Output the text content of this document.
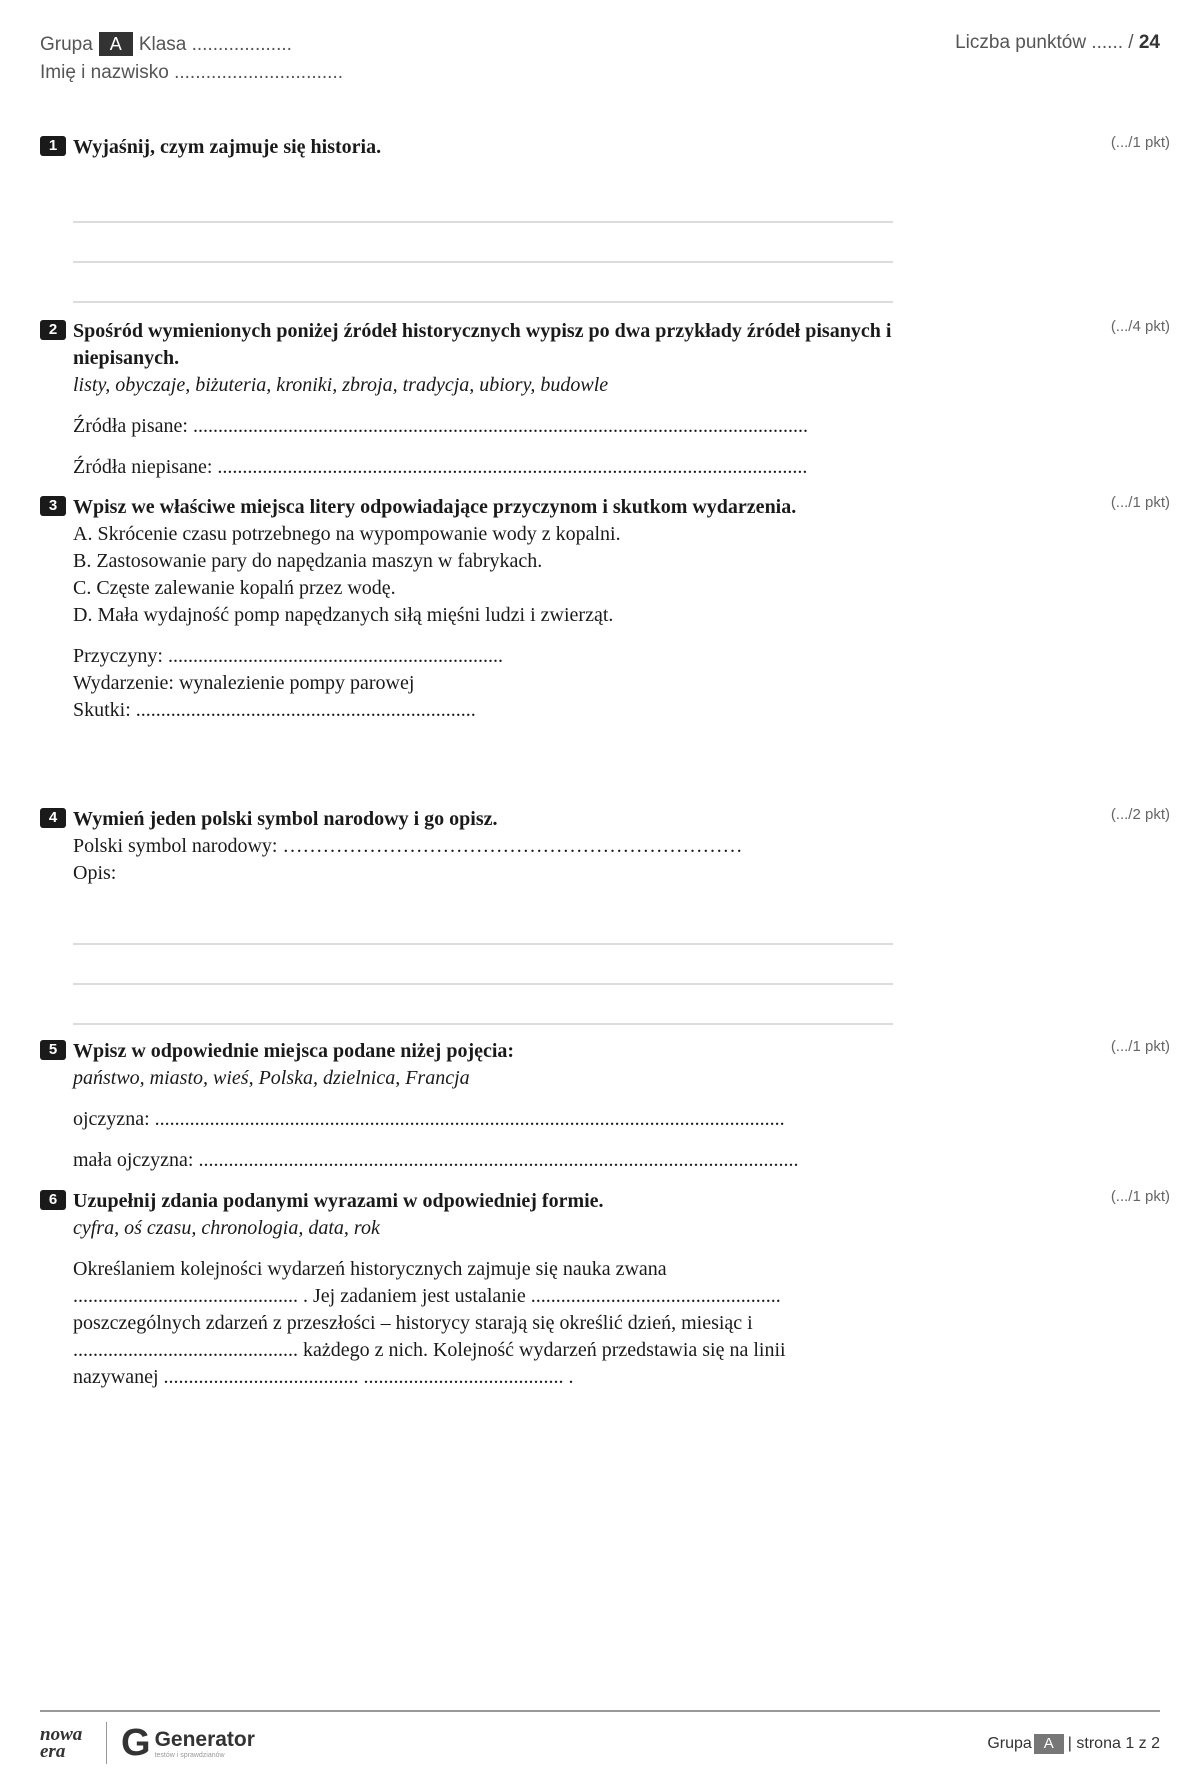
Grupa A Klasa ...................
Imię i nazwisko ................................
Liczba punktów ...... / 24
1	(.../1 pkt)
Wyjaśnij, czym zajmuje się historia.
2	(.../4 pkt)
Spośród wymienionych poniżej źródeł historycznych wypisz po dwa przykłady źródeł pisanych i niepisanych.
listy, obyczaje, biżuteria, kroniki, zbroja, tradycja, ubiory, budowle
Źródła pisane: ...........................................................................................................................
Źródła niepisane: ......................................................................................................................
3	(.../1 pkt)
Wpisz we właściwe miejsca litery odpowiadające przyczynom i skutkom wydarzenia.
A. Skrócenie czasu potrzebnego na wypompowanie wody z kopalni.
B. Zastosowanie pary do napędzania maszyn w fabrykach.
C. Częste zalewanie kopalń przez wodę.
D. Mała wydajność pomp napędzanych siłą mięśni ludzi i zwierząt.
Przyczyny: ...................................................................
Wydarzenie: wynalezienie pompy parowej
Skutki: ....................................................................
4	(.../2 pkt)
Wymień jeden polski symbol narodowy i go opisz.
Polski symbol narodowy: ……………………………………………………………
Opis:
5	(.../1 pkt)
Wpisz w odpowiednie miejsca podane niżej pojęcia:
państwo, miasto, wieś, Polska, dzielnica, Francja
ojczyzna: ..............................................................................................................................
mała ojczyzna: ........................................................................................................................
6	(.../1 pkt)
Uzupełnij zdania podanymi wyrazami w odpowiedniej formie.
cyfra, oś czasu, chronologia, data, rok
Określaniem kolejności wydarzeń historycznych zajmuje się nauka zwana
............................................. . Jej zadaniem jest ustalanie ..................................................
poszczególnych zdarzeń z przeszłości – historycy starają się określić dzień, miesiąc i
............................................. każdego z nich. Kolejność wydarzeń przedstawia się na linii
nazywanej ....................................... ........................................ .
nowa era	G Generator
testów i sprawdzianów
Grupa A | strona 1 z 2
